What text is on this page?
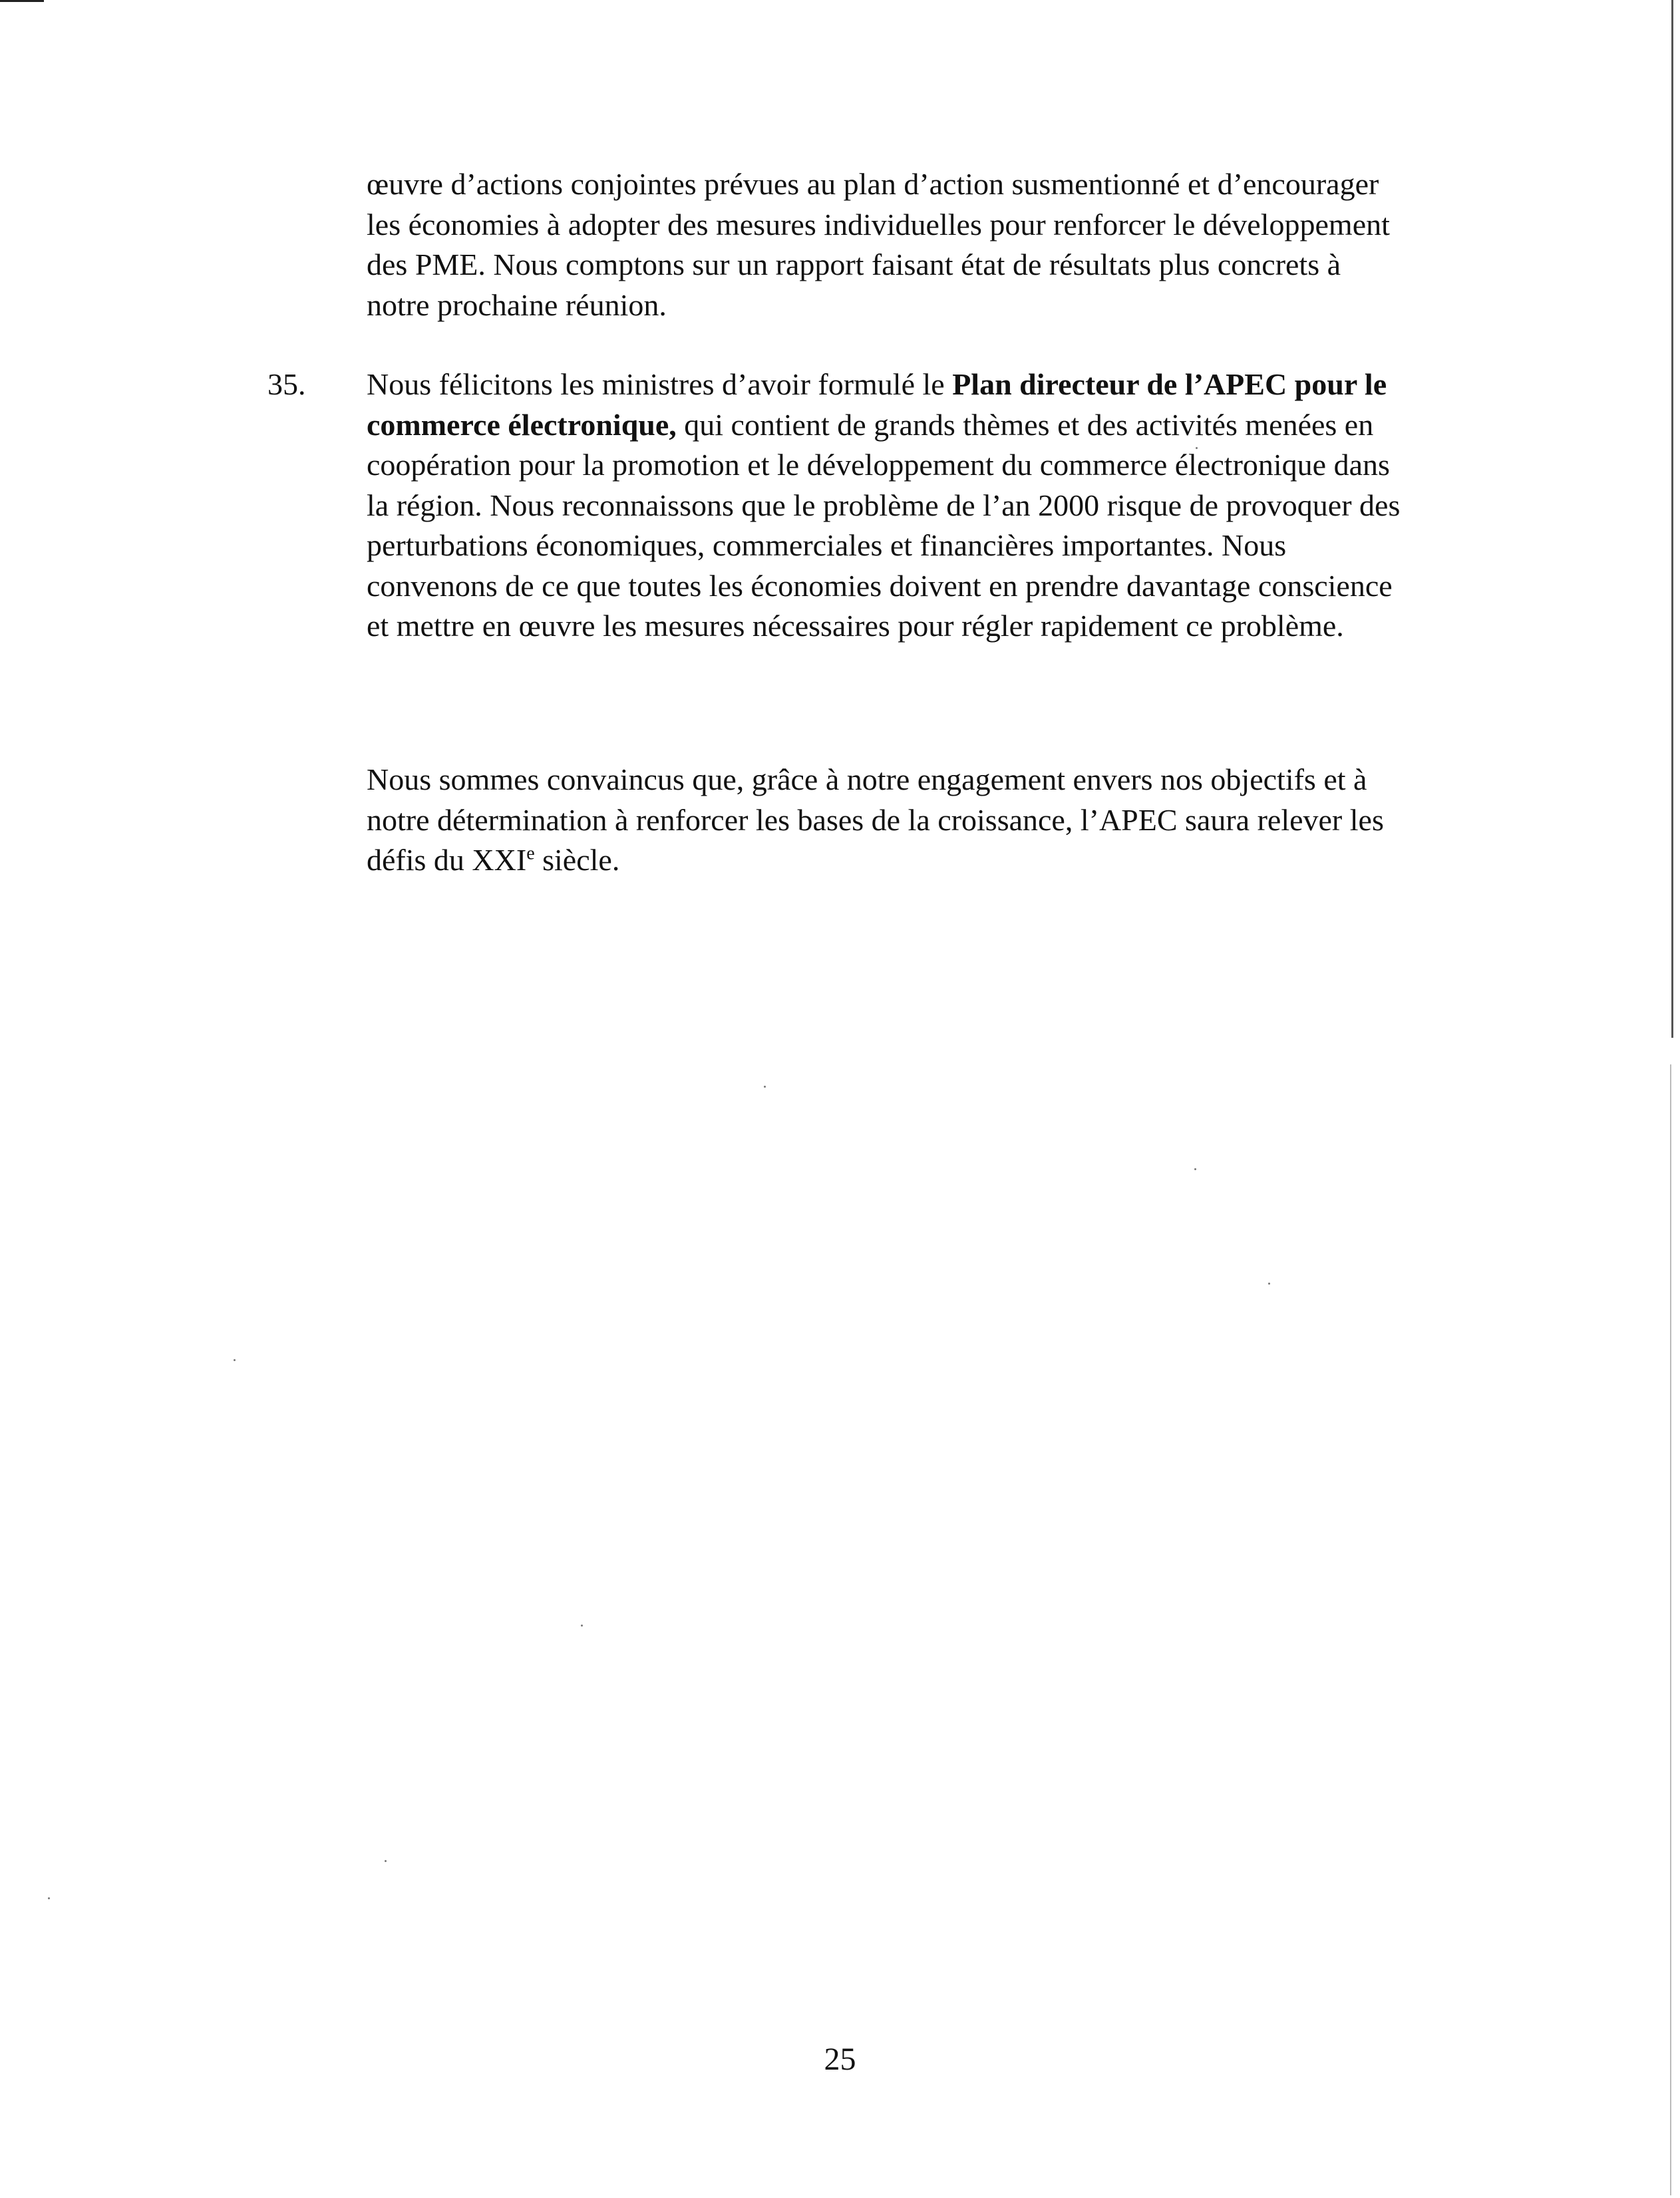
œuvre d’actions conjointes prévues au plan d’action susmentionné et d’encourager les économies à adopter des mesures individuelles pour renforcer le développement des PME. Nous comptons sur un rapport faisant état de résultats plus concrets à notre prochaine réunion.

35. Nous félicitons les ministres d’avoir formulé le Plan directeur de l’APEC pour le commerce électronique, qui contient de grands thèmes et des activités menées en coopération pour la promotion et le développement du commerce électronique dans la région. Nous reconnaissons que le problème de l’an 2000 risque de provoquer des perturbations économiques, commerciales et financières importantes. Nous convenons de ce que toutes les économies doivent en prendre davantage conscience et mettre en œuvre les mesures nécessaires pour régler rapidement ce problème.

Nous sommes convaincus que, grâce à notre engagement envers nos objectifs et à notre détermination à renforcer les bases de la croissance, l’APEC saura relever les défis du XXIe siècle.

25
